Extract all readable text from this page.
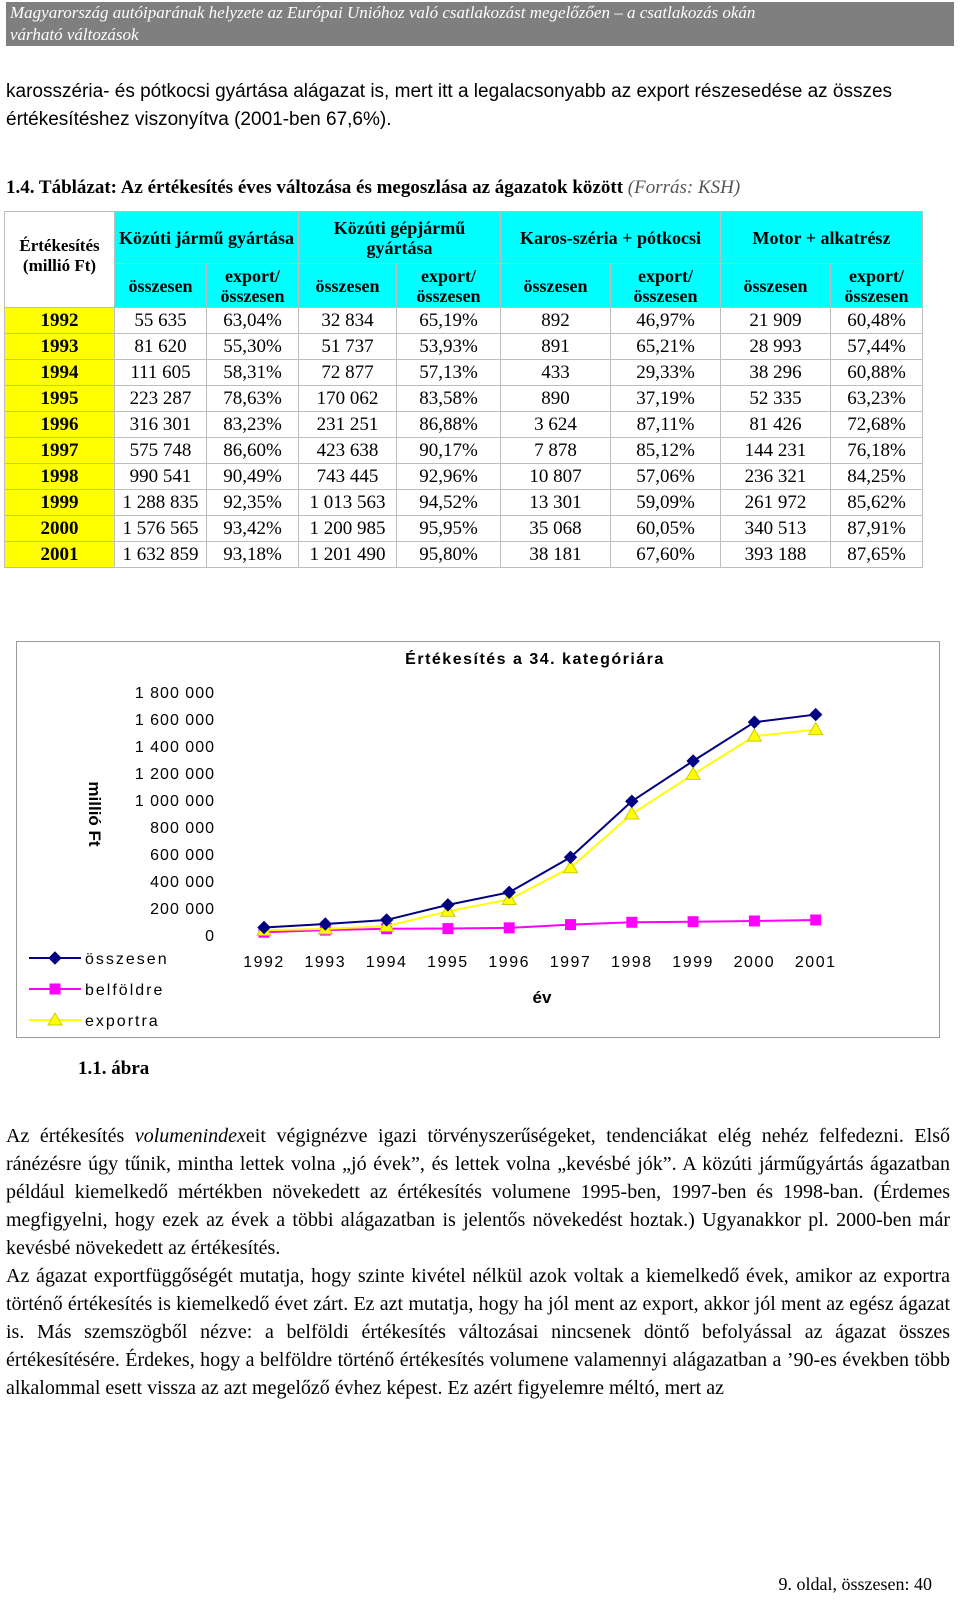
Magyarország autóiparának helyzete az Európai Unióhoz való csatlakozást megelőzően – a csatlakozás okán
várható változások
karosszéria- és pótkocsi gyártása alágazat is, mert itt a legalacsonyabb az export részesedése az összes értékesítéshez viszonyítva (2001-ben 67,6%).
1.4. Táblázat: Az értékesítés éves változása és megoszlása az ágazatok között (Forrás: KSH)
Értékesítés (millió Ft)	Közúti jármű gyártása		Közúti gépjármű gyártása		Karos-széria + pótkocsi		Motor + alkatrész	
	összesen	export/ összesen	összesen	export/ összesen	összesen	export/ összesen	összesen	export/ összesen
1992	55 635	63,04%	32 834	65,19%	892	46,97%	21 909	60,48%
1993	81 620	55,30%	51 737	53,93%	891	65,21%	28 993	57,44%
1994	111 605	58,31%	72 877	57,13%	433	29,33%	38 296	60,88%
1995	223 287	78,63%	170 062	83,58%	890	37,19%	52 335	63,23%
1996	316 301	83,23%	231 251	86,88%	3 624	87,11%	81 426	72,68%
1997	575 748	86,60%	423 638	90,17%	7 878	85,12%	144 231	76,18%
1998	990 541	90,49%	743 445	92,96%	10 807	57,06%	236 321	84,25%
1999	1 288 835	92,35%	1 013 563	94,52%	13 301	59,09%	261 972	85,62%
2000	1 576 565	93,42%	1 200 985	95,95%	35 068	60,05%	340 513	87,91%
2001	1 632 859	93,18%	1 201 490	95,80%	38 181	67,60%	393 188	87,65%
Értékesítés a 34. kategóriára
millió Ft
év
0
200 000
400 000
600 000
800 000
1 000 000
1 200 000
1 400 000
1 600 000
1 800 000
1992 1993 1994 1995 1996 1997 1998 1999 2000 2001
összesen
belföldre
exportra
1.1. ábra

Az értékesítés volumenindexeit végignézve igazi törvényszerűségeket, tendenciákat elég nehéz felfedezni. Első ránézésre úgy tűnik, mintha lettek volna „jó évek”, és lettek volna „kevésbé jók”. A közúti járműgyártás ágazatban például kiemelkedő mértékben növekedett az értékesítés volumene 1995-ben, 1997-ben és 1998-ban. (Érdemes megfigyelni, hogy ezek az évek a többi alágazatban is jelentős növekedést hoztak.) Ugyanakkor pl. 2000-ben már kevésbé növekedett az értékesítés.

Az ágazat exportfüggőségét mutatja, hogy szinte kivétel nélkül azok voltak a kiemelkedő évek, amikor az exportra történő értékesítés is kiemelkedő évet zárt. Ez azt mutatja, hogy ha jól ment az export, akkor jól ment az egész ágazat is. Más szemszögből nézve: a belföldi értékesítés változásai nincsenek döntő befolyással az ágazat összes értékesítésére. Érdekes, hogy a belföldre történő értékesítés volumene valamennyi alágazatban a ’90-es években több alkalommal esett vissza az azt megelőző évhez képest. Ez azért figyelemre méltó, mert az

9. oldal, összesen: 40
